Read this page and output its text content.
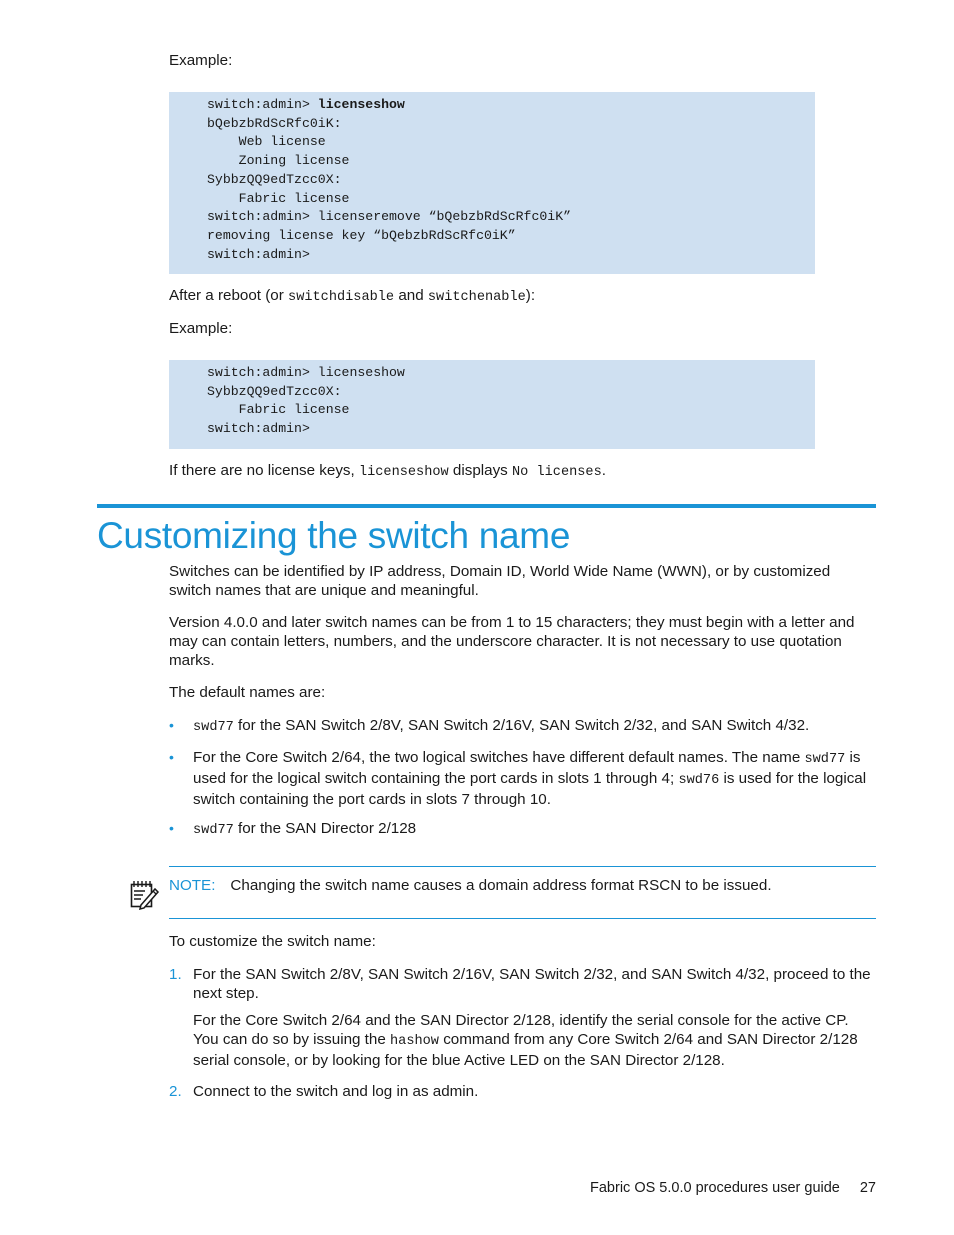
Example:

switch:admin> licenseshow
bQebzbRdScRfc0iK:
Web license
Zoning license
SybbzQQ9edTzcc0X:
Fabric license
switch:admin> licenseremove “bQebzbRdScRfc0iK”
removing license key “bQebzbRdScRfc0iK”
switch:admin>

After a reboot (or switchdisable and switchenable):

Example:

switch:admin> licenseshow
SybbzQQ9edTzcc0X:
Fabric license
switch:admin>

If there are no license keys, licenseshow displays No licenses.

Customizing the switch name

Switches can be identified by IP address, Domain ID, World Wide Name (WWN), or by customized switch names that are unique and meaningful.

Version 4.0.0 and later switch names can be from 1 to 15 characters; they must begin with a letter and may can contain letters, numbers, and the underscore character. It is not necessary to use quotation marks.

The default names are:

• swd77 for the SAN Switch 2/8V, SAN Switch 2/16V, SAN Switch 2/32, and SAN Switch 4/32.
• For the Core Switch 2/64, the two logical switches have different default names. The name swd77 is used for the logical switch containing the port cards in slots 1 through 4; swd76 is used for the logical switch containing the port cards in slots 7 through 10.
• swd77 for the SAN Director 2/128

NOTE: Changing the switch name causes a domain address format RSCN to be issued.

To customize the switch name:

1. For the SAN Switch 2/8V, SAN Switch 2/16V, SAN Switch 2/32, and SAN Switch 4/32, proceed to the next step.

For the Core Switch 2/64 and the SAN Director 2/128, identify the serial console for the active CP. You can do so by issuing the hashow command from any Core Switch 2/64 and SAN Director 2/128 serial console, or by looking for the blue Active LED on the SAN Director 2/128.

2. Connect to the switch and log in as admin.

Fabric OS 5.0.0 procedures user guide 27
